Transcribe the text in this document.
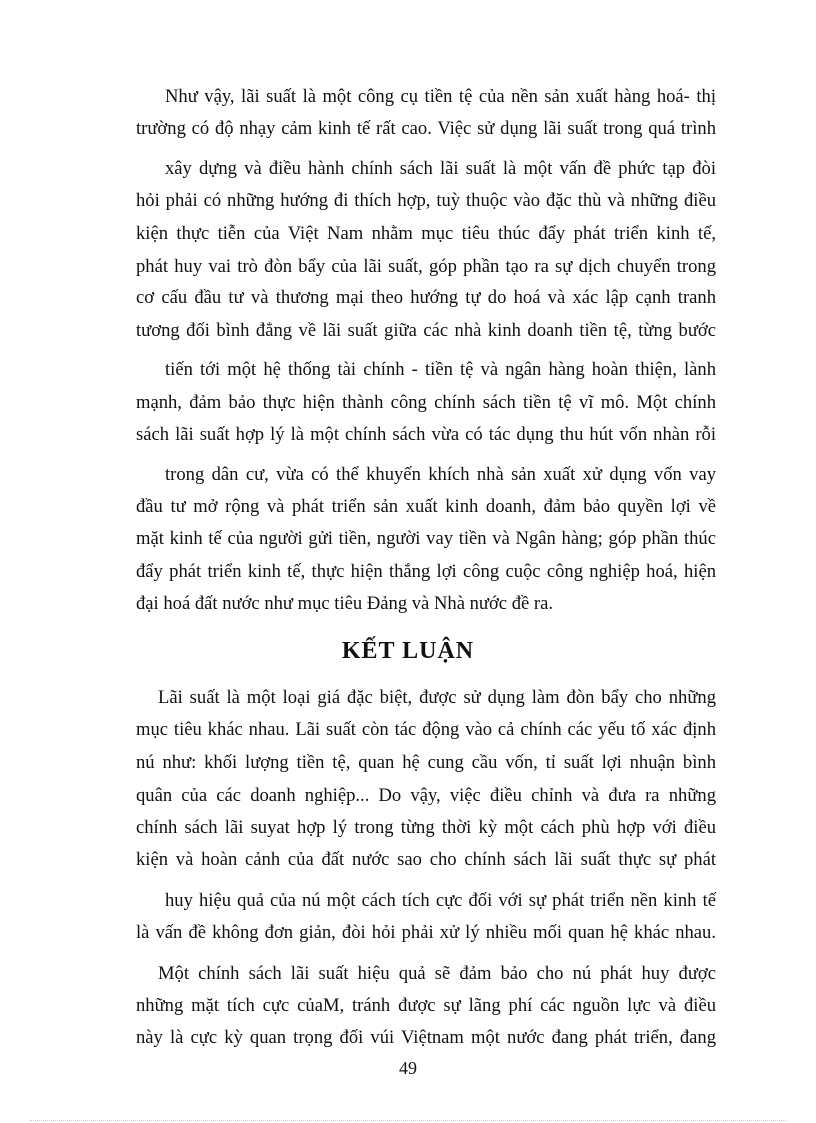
Như vậy, lãi suất là một công cụ tiền tệ của nền sản xuất hàng hoá- thị
trường có độ nhạy cảm kinh tế rất cao. Việc sử dụng lãi suất trong quá trình
xây dựng và điều hành chính sách lãi suất là một vấn đề phức tạp đòi
hỏi phải có những hướng đi thích hợp, tuỳ thuộc vào đặc thù và những điều
kiện thực tiễn của Việt Nam nhằm mục tiêu thúc đẩy phát triển kinh tế,
phát huy vai trò đòn bẩy của lãi suất, góp phần tạo ra sự dịch chuyển trong
cơ cấu đầu tư và thương mại theo hướng tự do hoá và xác lập cạnh tranh
tương đối bình đẳng về lãi suất giữa các nhà kinh doanh tiền tệ, từng bước
tiến tới một hệ thống tài chính - tiền tệ và ngân hàng hoàn thiện, lành
mạnh, đảm bảo thực hiện thành công chính sách tiền tệ vĩ mô. Một chính
sách lãi suất hợp lý là một chính sách vừa có tác dụng thu hút vốn nhàn rỗi
trong dân cư, vừa có thể khuyến khích nhà sản xuất xử dụng vốn vay
đầu tư mở rộng và phát triển sản xuất kinh doanh, đảm bảo quyền lợi về
mặt kinh tế của người gửi tiền, người vay tiền và Ngân hàng; góp phần thúc
đẩy phát triển kinh tế, thực hiện thắng lợi công cuộc công nghiệp hoá, hiện
đại hoá đất nước như mục tiêu Đảng và Nhà nước đề ra.
KẾT LUẬN
Lãi suất là một loại giá đặc biệt, được sử dụng làm đòn bẩy cho những
mục tiêu khác nhau. Lãi suất còn tác động vào cả chính các yếu tố xác định
nú như: khối lượng tiền tệ, quan hệ cung cầu vốn, tỉ suất lợi nhuận bình
quân của các doanh nghiệp... Do vậy, việc điều chỉnh và đưa ra những
chính sách lãi suyat hợp lý trong từng thời kỳ một cách phù hợp với điều
kiện và hoàn cảnh của đất nước sao cho chính sách lãi suất thực sự phát
huy hiệu quả của nú một cách tích cực đối với sự phát triển nền kinh tế
là vấn đề không đơn giản, đòi hỏi phải xử lý nhiều mối quan hệ khác nhau.
Một chính sách lãi suất hiệu quả sẽ đảm bảo cho nú phát huy được
những mặt tích cực củaM, tránh được sự lãng phí các nguồn lực và điều
này là cực kỳ quan trọng đối vúi Việtnam một nước đang phát triển, đang
49
